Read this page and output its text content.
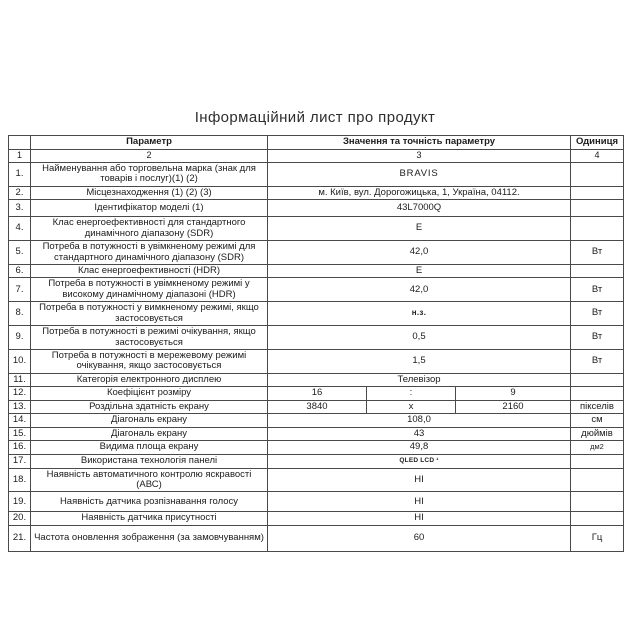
Інформаційний лист про продукт
	Параметр	Значення та точність параметру			Одиниця
1	2	3			4
1.	Найменування або торговельна марка (знак для товарів і послуг)(1) (2)	BRAVIS			
2.	Місцезнаходження (1) (2) (3)	м. Київ, вул. Дорогожицька, 1, Україна, 04112.			
3.	Ідентифікатор моделі (1)	43L7000Q			
4.	Клас енергоефективності для стандартного динамічного діапазону (SDR)	E			
5.	Потреба в потужності в увімкненому режимі для стандартного динамічного діапазону (SDR)	42,0			Вт
6.	Клас енергоефективності (HDR)	E			
7.	Потреба в потужності в увімкненому режимі у високому динамічному діапазоні (HDR)	42,0			Вт
8.	Потреба в потужності у вимкненому режимі, якщо застосовується	н.з.			Вт
9.	Потреба в потужності в режимі очікування, якщо застосовується	0,5			Вт
10.	Потреба в потужності в мережевому режимі очікування, якщо застосовується	1,5			Вт
11.	Категорія електронного дисплею	Телевізор			
12.	Коефіцієнт розміру	16	:	9	
13.	Роздільна здатність екрану	3840	х	2160	пікселів
14.	Діагональ екрану	108,0			см
15.	Діагональ екрану	43			дюймів
16.	Видима площа екрану	49,8			дм2
17.	Використана технологія панелі	QLED LCD ¹			
18.	Наявність автоматичного контролю яскравості (АВС)	НІ			
19.	Наявність датчика розпізнавання голосу	НІ			
20.	Наявність датчика присутності	НІ			
21.	Частота оновлення зображення (за замовчуванням)	60			Гц
